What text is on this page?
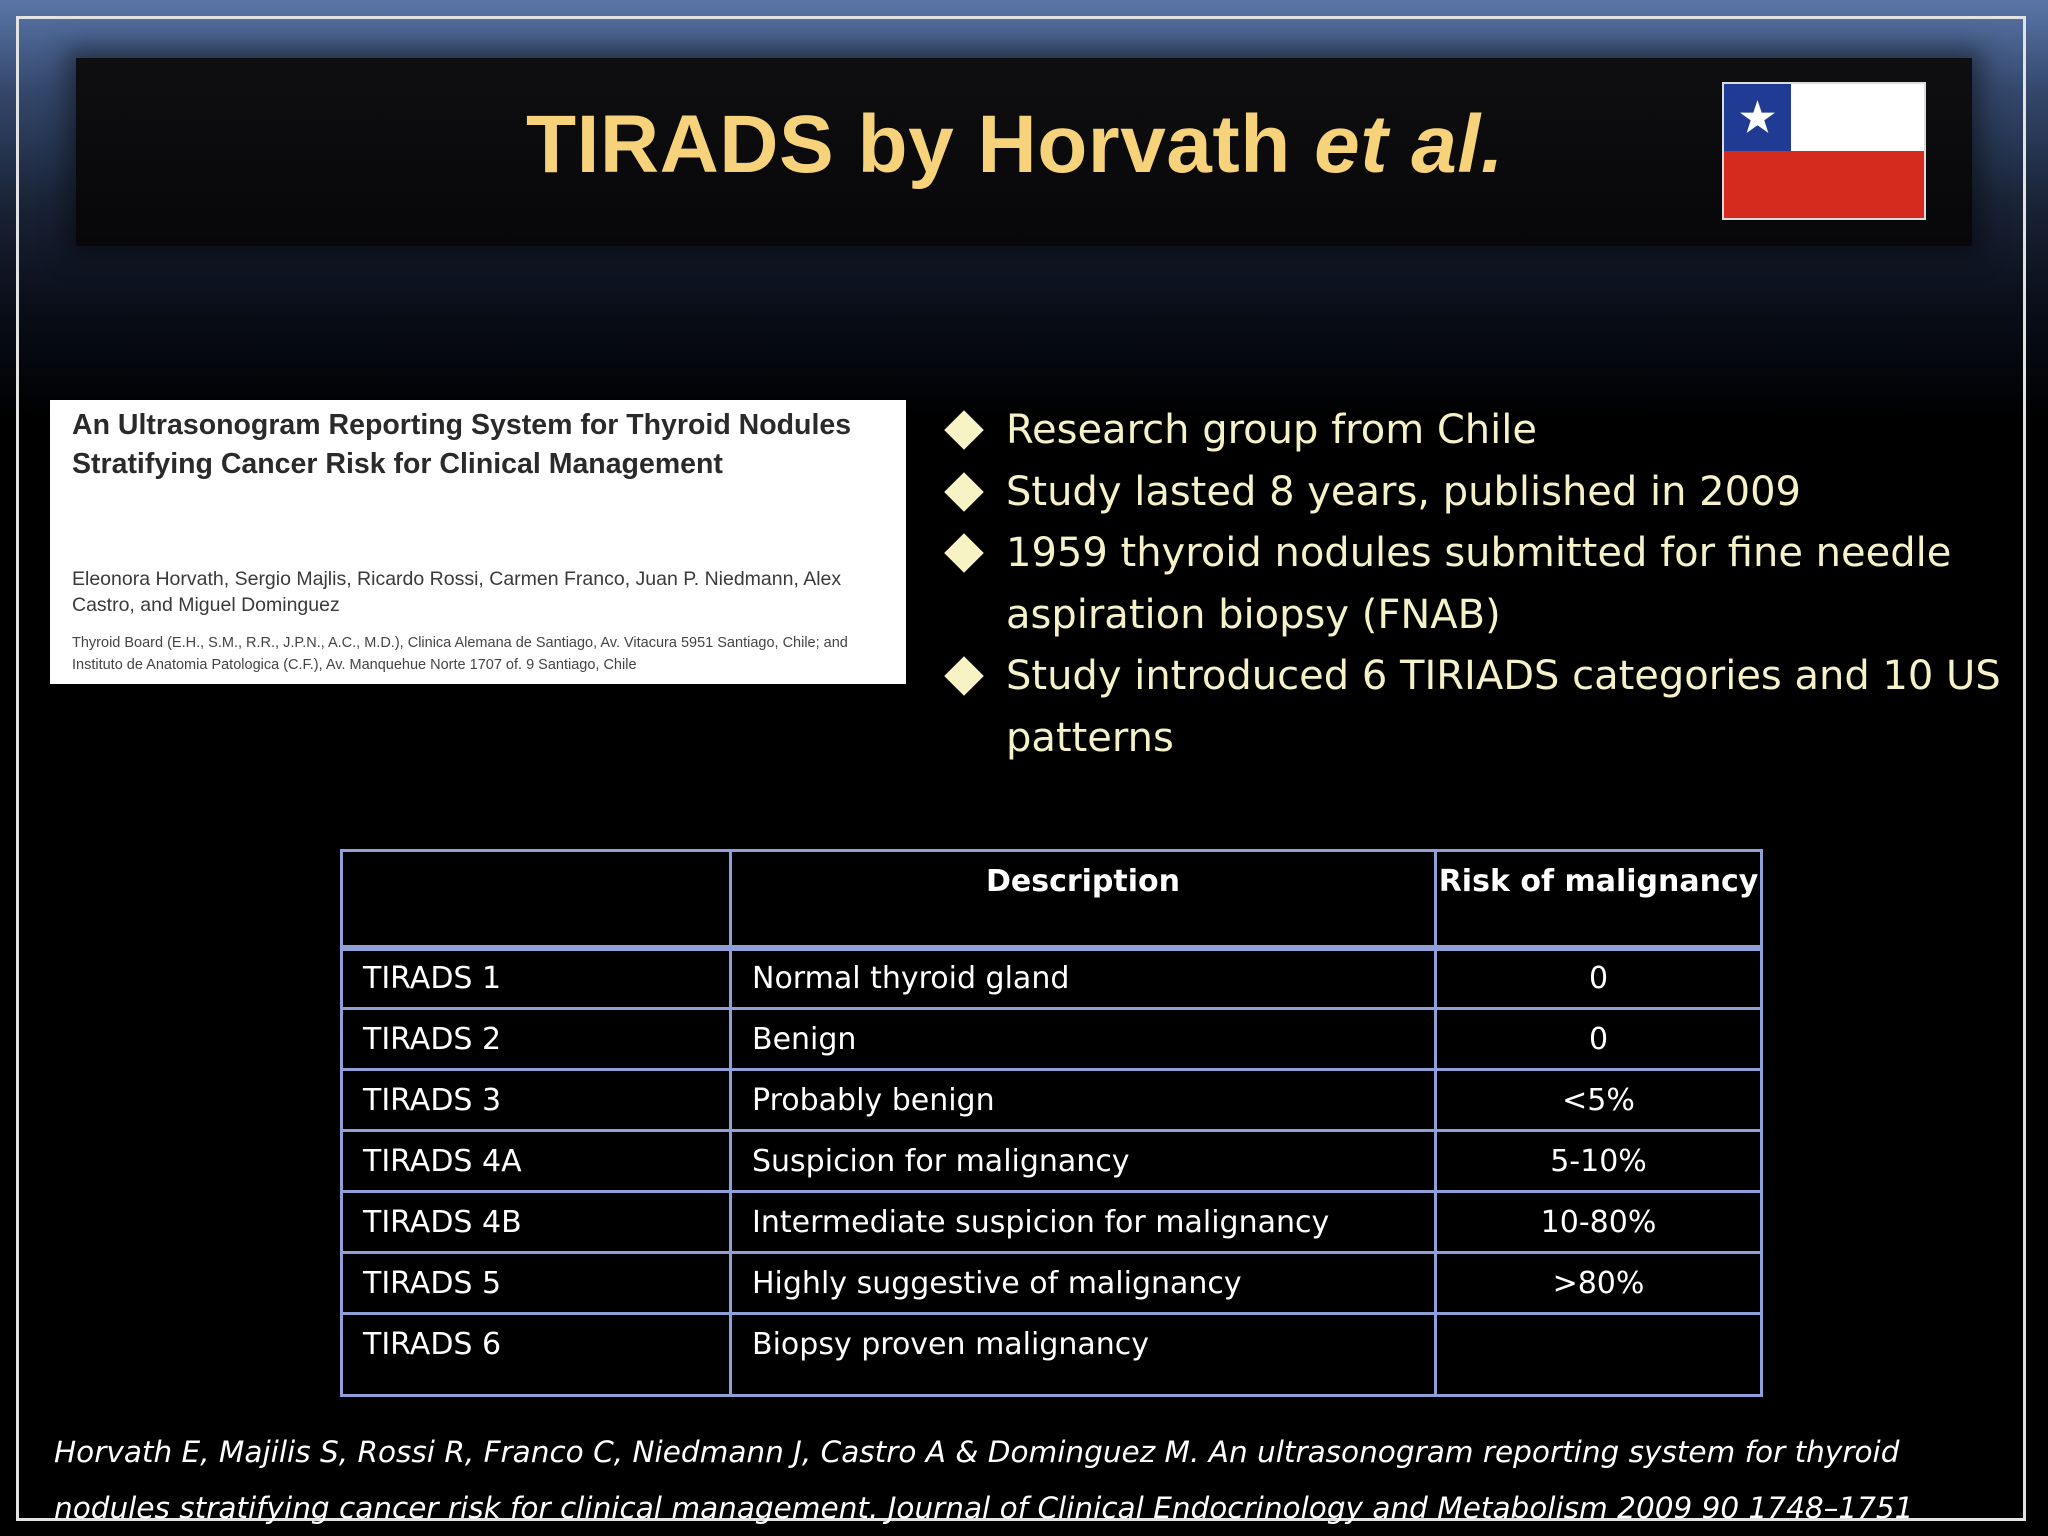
TIRADS by Horvath et al.
An Ultrasonogram Reporting System for Thyroid Nodules Stratifying Cancer Risk for Clinical Management
Eleonora Horvath, Sergio Majlis, Ricardo Rossi, Carmen Franco, Juan P. Niedmann, Alex Castro, and Miguel Dominguez
Thyroid Board (E.H., S.M., R.R., J.P.N., A.C., M.D.), Clinica Alemana de Santiago, Av. Vitacura 5951 Santiago, Chile; and Instituto de Anatomia Patologica (C.F.), Av. Manquehue Norte 1707 of. 9 Santiago, Chile
Research group from Chile
Study lasted 8 years, published in 2009
1959 thyroid nodules submitted for fine needle aspiration biopsy (FNAB)
Study introduced 6 TIRIADS categories and 10 US patterns
	Description	Risk of malignancy
TIRADS 1	Normal thyroid gland	0
TIRADS 2	Benign	0
TIRADS 3	Probably benign	<5%
TIRADS 4A	Suspicion for malignancy	5-10%
TIRADS 4B	Intermediate suspicion for malignancy	10-80%
TIRADS 5	Highly suggestive of malignancy	>80%
TIRADS 6	Biopsy proven malignancy	

Horvath E, Majilis S, Rossi R, Franco C, Niedmann J, Castro A & Dominguez M. An ultrasonogram reporting system for thyroid nodules stratifying cancer risk for clinical management. Journal of Clinical Endocrinology and Metabolism 2009 90 1748–1751
